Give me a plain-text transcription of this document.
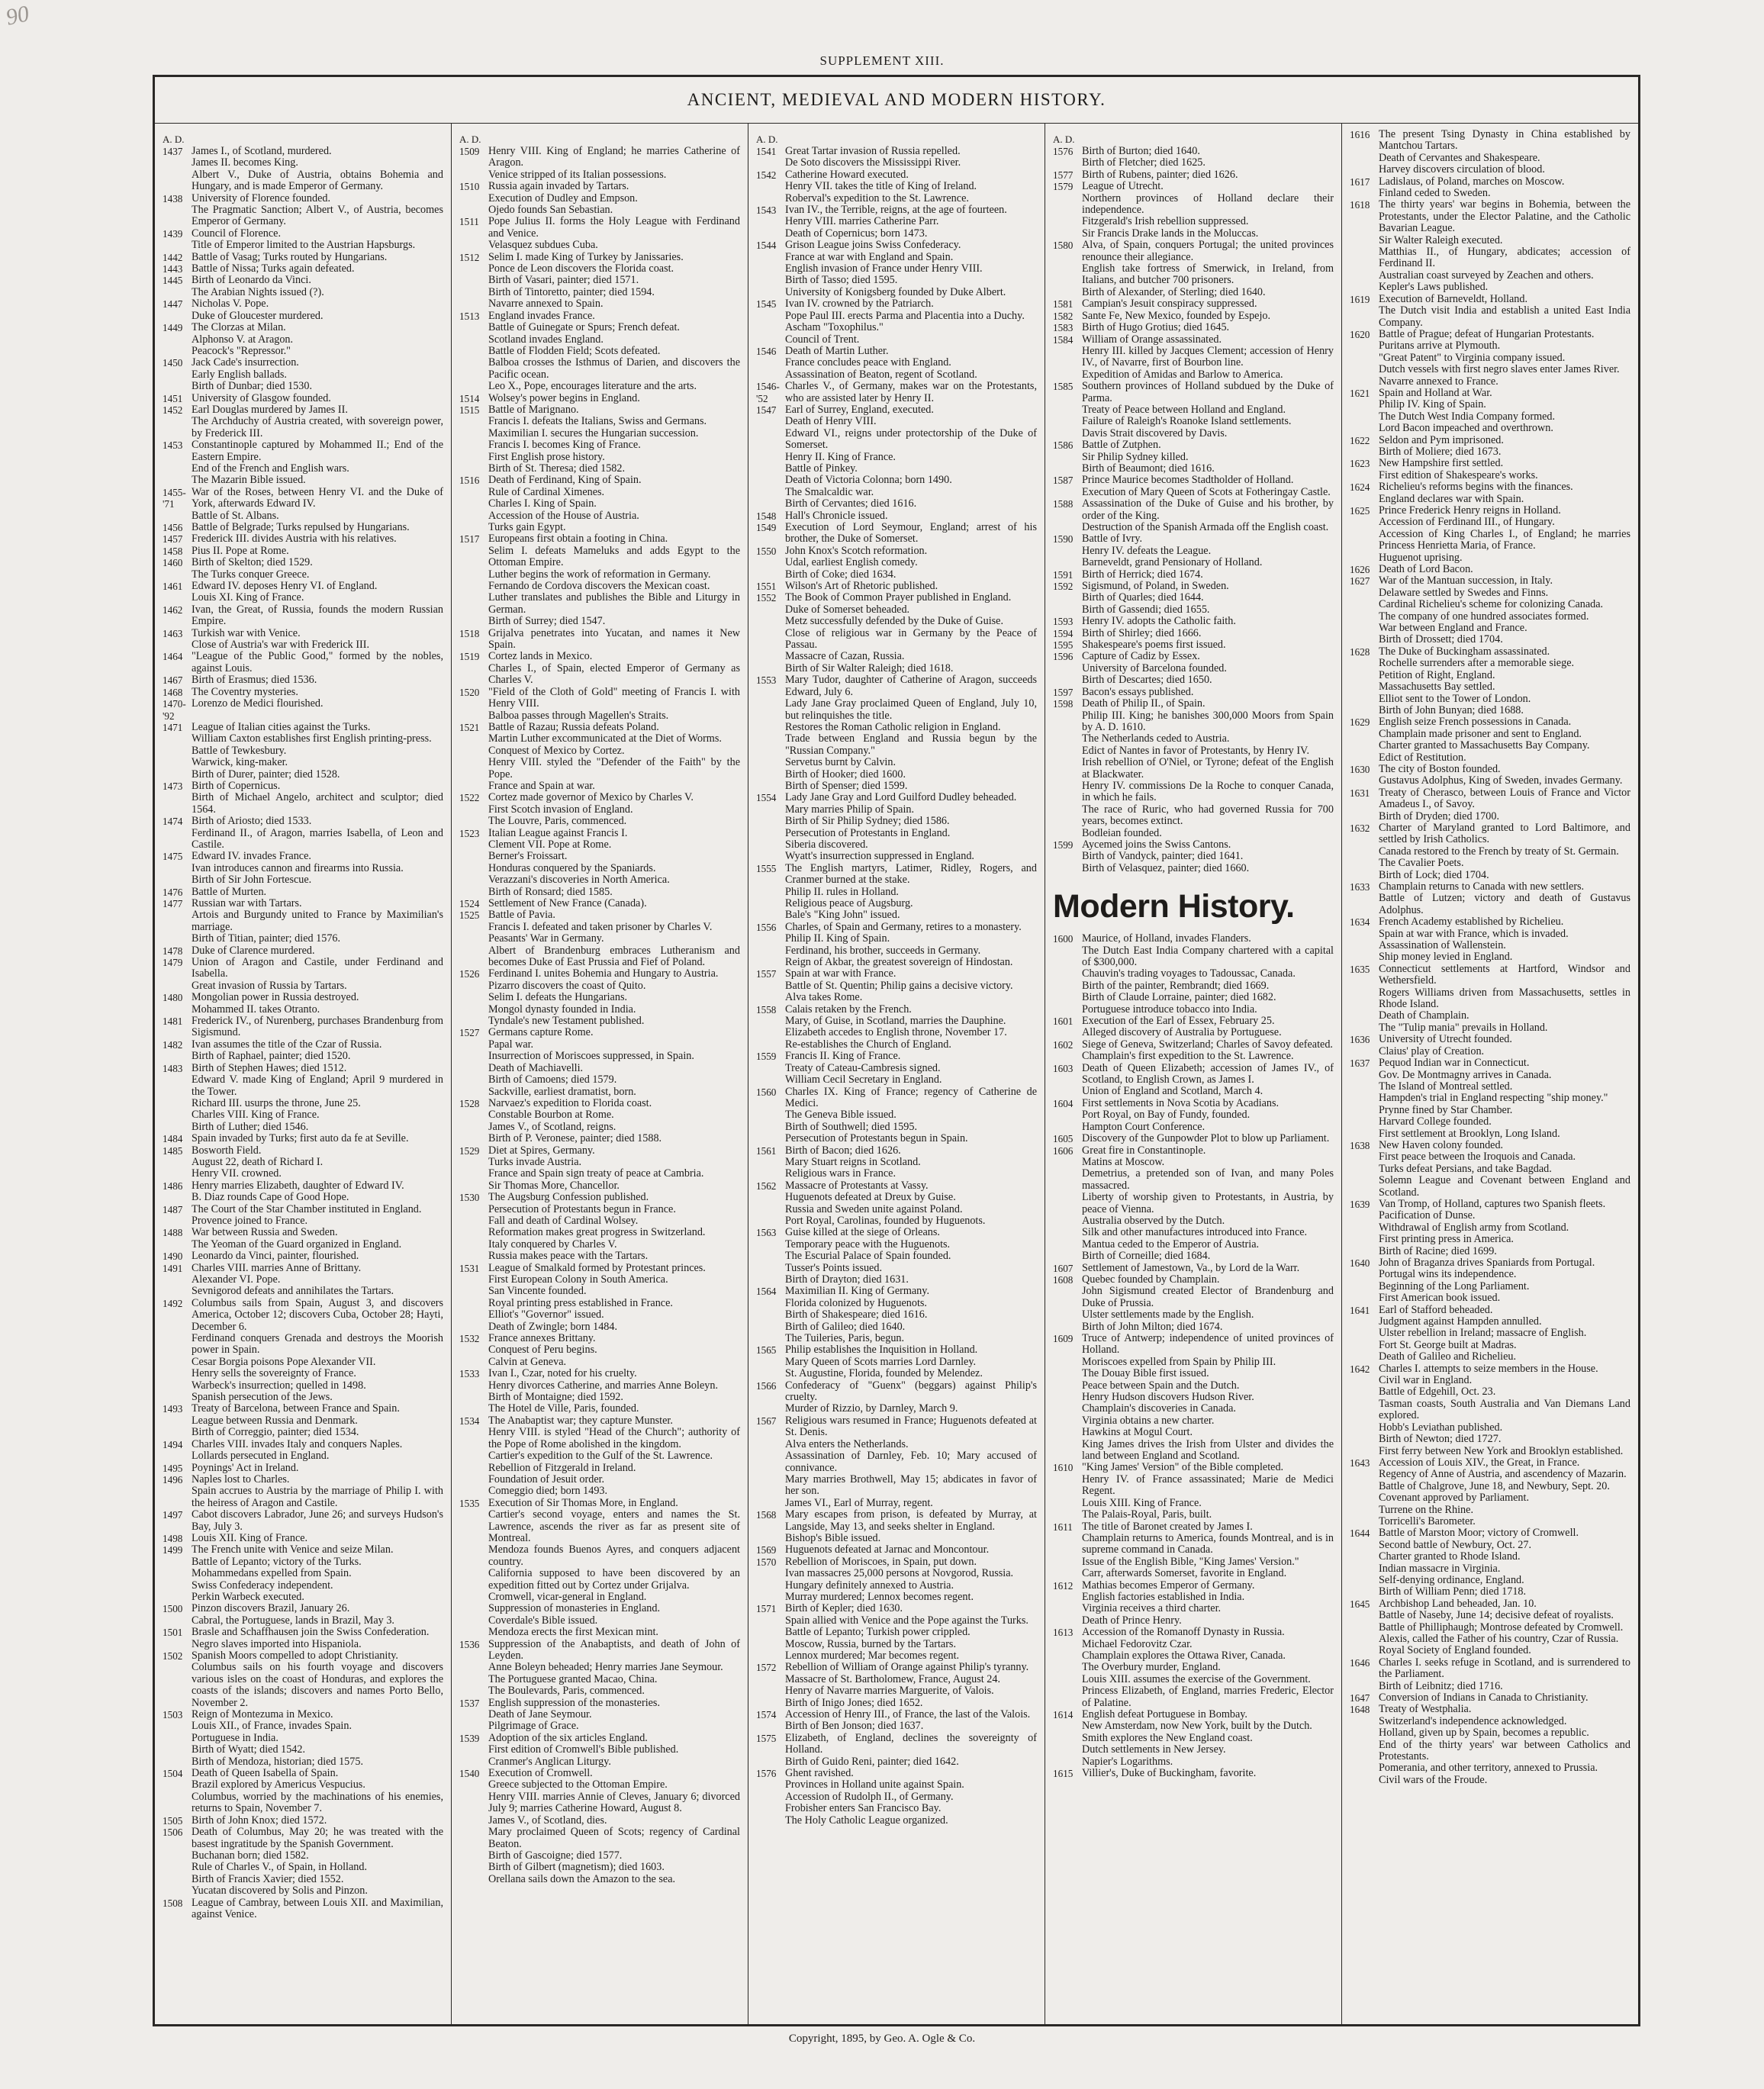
90
SUPPLEMENT XIII.
ANCIENT, MEDIEVAL AND MODERN HISTORY.
A. D.
1437 James I., of Scotland, murdered.
James II. becomes King.
Albert V., Duke of Austria, obtains Bohemia and Hungary, and is made Emperor of Germany.
1438 University of Florence founded.
The Pragmatic Sanction; Albert V., of Austria, becomes Emperor of Germany.
1439 Council of Florence.
Title of Emperor limited to the Austrian Hapsburgs.
1442 Battle of Vasag; Turks routed by Hungarians.
1443 Battle of Nissa; Turks again defeated.
1445 Birth of Leonardo da Vinci.
The Arabian Nights issued (?).
1447 Nicholas V. Pope.
Duke of Gloucester murdered.
1449 The Clorzas at Milan.
Alphonso V. at Aragon.
Peacock's "Repressor."
1450 Jack Cade's insurrection.
Early English ballads.
Birth of Dunbar; died 1530.
1451 University of Glasgow founded.
1452 Earl Douglas murdered by James II.
The Archduchy of Austria created, with sovereign power, by Frederick III.
1453 Constantinople captured by Mohammed II.; End of the Eastern Empire.
End of the French and English wars.
The Mazarin Bible issued.
1455-'71
War of the Roses, between Henry VI. and the Duke of York, afterwards Edward IV.
Battle of St. Albans.
1456 Battle of Belgrade; Turks repulsed by Hungarians.
1457 Frederick III. divides Austria with his relatives.
1458 Pius II. Pope at Rome.
1460 Birth of Skelton; died 1529.
The Turks conquer Greece.
1461 Edward IV. deposes Henry VI. of England.
Louis XI. King of France.
1462 Ivan, the Great, of Russia, founds the modern Russian Empire.
1463 Turkish war with Venice.
Close of Austria's war with Frederick III.
1464 "League of the Public Good," formed by the nobles, against Louis.
1467 Birth of Erasmus; died 1536.
1468 The Coventry mysteries.
1470-'92
Lorenzo de Medici flourished.
1471 League of Italian cities against the Turks.
William Caxton establishes first English printing-press.
Battle of Tewkesbury.
Warwick, king-maker.
Birth of Durer, painter; died 1528.
1473 Birth of Copernicus.
Birth of Michael Angelo, architect and sculptor; died 1564.
1474 Birth of Ariosto; died 1533.
Ferdinand II., of Aragon, marries Isabella, of Leon and Castile.
1475 Edward IV. invades France.
Ivan introduces cannon and firearms into Russia.
Birth of Sir John Fortescue.
1476 Battle of Murten.
1477 Russian war with Tartars.
Artois and Burgundy united to France by Maximilian's marriage.
Birth of Titian, painter; died 1576.
1478 Duke of Clarence murdered.
1479 Union of Aragon and Castile, under Ferdinand and Isabella.
Great invasion of Russia by Tartars.
1480 Mongolian power in Russia destroyed.
Mohammed II. takes Otranto.
1481 Frederick IV., of Nurenberg, purchases Brandenburg from Sigismund.
1482 Ivan assumes the title of the Czar of Russia.
Birth of Raphael, painter; died 1520.
1483 Birth of Stephen Hawes; died 1512.
Edward V. made King of England; April 9 murdered in the Tower.
Richard III. usurps the throne, June 25.
Charles VIII. King of France.
Birth of Luther; died 1546.
1484 Spain invaded by Turks; first auto da fe at Seville.
1485 Bosworth Field.
August 22, death of Richard I.
Henry VII. crowned.
1486 Henry marries Elizabeth, daughter of Edward IV.
B. Diaz rounds Cape of Good Hope.
1487 The Court of the Star Chamber instituted in England.
Provence joined to France.
1488 War between Russia and Sweden.
The Yeoman of the Guard organized in England.
1490 Leonardo da Vinci, painter, flourished.
1491 Charles VIII. marries Anne of Brittany.
Alexander VI. Pope.
Sevnigorod defeats and annihilates the Tartars.
1492 Columbus sails from Spain, August 3, and discovers America, October 12; discovers Cuba, October 28; Hayti, December 6.
Ferdinand conquers Grenada and destroys the Moorish power in Spain.
Cesar Borgia poisons Pope Alexander VII.
Henry sells the sovereignty of France.
Warbeck's insurrection; quelled in 1498.
Spanish persecution of the Jews.
1493 Treaty of Barcelona, between France and Spain.
League between Russia and Denmark.
Birth of Correggio, painter; died 1534.
1494 Charles VIII. invades Italy and conquers Naples.
Lollards persecuted in England.
1495 Poynings' Act in Ireland.
1496 Naples lost to Charles.
Spain accrues to Austria by the marriage of Philip I. with the heiress of Aragon and Castile.
1497 Cabot discovers Labrador, June 26; and surveys Hudson's Bay, July 3.
1498 Louis XII. King of France.
1499 The French unite with Venice and seize Milan.
Battle of Lepanto; victory of the Turks.
Mohammedans expelled from Spain.
Swiss Confederacy independent.
Perkin Warbeck executed.
1500 Pinzon discovers Brazil, January 26.
Cabral, the Portuguese, lands in Brazil, May 3.
1501 Brasle and Schaffhausen join the Swiss Confederation.
Negro slaves imported into Hispaniola.
1502 Spanish Moors compelled to adopt Christianity.
Columbus sails on his fourth voyage and discovers various isles on the coast of Honduras, and explores the coasts of the islands; discovers and names Porto Bello, November 2.
1503 Reign of Montezuma in Mexico.
Louis XII., of France, invades Spain.
Portuguese in India.
Birth of Wyatt; died 1542.
Birth of Mendoza, historian; died 1575.
1504 Death of Queen Isabella of Spain.
Brazil explored by Americus Vespucius.
Columbus, worried by the machinations of his enemies, returns to Spain, November 7.
1505 Birth of John Knox; died 1572.
1506 Death of Columbus, May 20; he was treated with the basest ingratitude by the Spanish Government.
Buchanan born; died 1582.
Rule of Charles V., of Spain, in Holland.
Birth of Francis Xavier; died 1552.
Yucatan discovered by Solis and Pinzon.
1508 League of Cambray, between Louis XII. and Maximilian, against Venice.
A. D.
1509 Henry VIII. King of England; he marries Catherine of Aragon.
Venice stripped of its Italian possessions.
1510 Russia again invaded by Tartars.
Execution of Dudley and Empson.
Ojedo founds San Sebastian.
1511 Pope Julius II. forms the Holy League with Ferdinand and Venice.
Velasquez subdues Cuba.
1512 Selim I. made King of Turkey by Janissaries.
Ponce de Leon discovers the Florida coast.
Birth of Vasari, painter; died 1571.
Birth of Tintoretto, painter; died 1594.
Navarre annexed to Spain.
1513 England invades France.
Battle of Guinegate or Spurs; French defeat.
Scotland invades England.
Battle of Flodden Field; Scots defeated.
Balboa crosses the Isthmus of Darien, and discovers the Pacific ocean.
Leo X., Pope, encourages literature and the arts.
1514 Wolsey's power begins in England.
1515 Battle of Marignano.
Francis I. defeats the Italians, Swiss and Germans.
Maximilian I. secures the Hungarian succession.
Francis I. becomes King of France.
First English prose history.
Birth of St. Theresa; died 1582.
1516 Death of Ferdinand, King of Spain.
Rule of Cardinal Ximenes.
Charles I. King of Spain.
Accession of the House of Austria.
Turks gain Egypt.
1517 Europeans first obtain a footing in China.
Selim I. defeats Mameluks and adds Egypt to the Ottoman Empire.
Luther begins the work of reformation in Germany.
Fernando de Cordova discovers the Mexican coast.
Luther translates and publishes the Bible and Liturgy in German.
Birth of Surrey; died 1547.
1518 Grijalva penetrates into Yucatan, and names it New Spain.
1519 Cortez lands in Mexico.
Charles I., of Spain, elected Emperor of Germany as Charles V.
1520 "Field of the Cloth of Gold" meeting of Francis I. with Henry VIII.
Balboa passes through Magellen's Straits.
1521 Battle of Razau; Russia defeats Poland.
Martin Luther excommunicated at the Diet of Worms.
Conquest of Mexico by Cortez.
Henry VIII. styled the "Defender of the Faith" by the Pope.
France and Spain at war.
1522 Cortez made governor of Mexico by Charles V.
First Scotch invasion of England.
The Louvre, Paris, commenced.
1523 Italian League against Francis I.
Clement VII. Pope at Rome.
Berner's Froissart.
Honduras conquered by the Spaniards.
Verazzani's discoveries in North America.
Birth of Ronsard; died 1585.
1524 Settlement of New France (Canada).
1525 Battle of Pavia.
Francis I. defeated and taken prisoner by Charles V.
Peasants' War in Germany.
Albert of Brandenburg embraces Lutheranism and becomes Duke of East Prussia and Fief of Poland.
1526 Ferdinand I. unites Bohemia and Hungary to Austria.
Pizarro discovers the coast of Quito.
Selim I. defeats the Hungarians.
Mongol dynasty founded in India.
Tyndale's new Testament published.
1527 Germans capture Rome.
Papal war.
Insurrection of Moriscoes suppressed, in Spain.
Death of Machiavelli.
Birth of Camoens; died 1579.
Sackville, earliest dramatist, born.
1528 Narvaez's expedition to Florida coast.
Constable Bourbon at Rome.
James V., of Scotland, reigns.
Birth of P. Veronese, painter; died 1588.
1529 Diet at Spires, Germany.
Turks invade Austria.
France and Spain sign treaty of peace at Cambria.
Sir Thomas More, Chancellor.
1530 The Augsburg Confession published.
Persecution of Protestants begun in France.
Fall and death of Cardinal Wolsey.
Reformation makes great progress in Switzerland.
Italy conquered by Charles V.
Russia makes peace with the Tartars.
1531 League of Smalkald formed by Protestant princes.
First European Colony in South America.
San Vincente founded.
Royal printing press established in France.
Elliot's "Governor" issued.
Death of Zwingle; born 1484.
1532 France annexes Brittany.
Conquest of Peru begins.
Calvin at Geneva.
1533 Ivan I., Czar, noted for his cruelty.
Henry divorces Catherine, and marries Anne Boleyn.
Birth of Montaigne; died 1592.
The Hotel de Ville, Paris, founded.
1534 The Anabaptist war; they capture Munster.
Henry VIII. is styled "Head of the Church"; authority of the Pope of Rome abolished in the kingdom.
Cartier's expedition to the Gulf of the St. Lawrence.
Rebellion of Fitzgerald in Ireland.
Foundation of Jesuit order.
Comeggio died; born 1493.
1535 Execution of Sir Thomas More, in England.
Cartier's second voyage, enters and names the St. Lawrence, ascends the river as far as present site of Montreal.
Mendoza founds Buenos Ayres, and conquers adjacent country.
California supposed to have been discovered by an expedition fitted out by Cortez under Grijalva.
Cromwell, vicar-general in England.
Suppression of monasteries in England.
Coverdale's Bible issued.
Mendoza erects the first Mexican mint.
1536 Suppression of the Anabaptists, and death of John of Leyden.
Anne Boleyn beheaded; Henry marries Jane Seymour.
The Portuguese granted Macao, China.
The Boulevards, Paris, commenced.
1537 English suppression of the monasteries.
Death of Jane Seymour.
Pilgrimage of Grace.
1539 Adoption of the six articles England.
First edition of Cromwell's Bible published.
Cranmer's Anglican Liturgy.
1540 Execution of Cromwell.
Greece subjected to the Ottoman Empire.
Henry VIII. marries Annie of Cleves, January 6; divorced July 9; marries Catherine Howard, August 8.
James V., of Scotland, dies.
Mary proclaimed Queen of Scots; regency of Cardinal Beaton.
Birth of Gascoigne; died 1577.
Birth of Gilbert (magnetism); died 1603.
Orellana sails down the Amazon to the sea.
A. D.
1541 Great Tartar invasion of Russia repelled.
De Soto discovers the Mississippi River.
1542 Catherine Howard executed.
Henry VII. takes the title of King of Ireland.
Roberval's expedition to the St. Lawrence.
1543 Ivan IV., the Terrible, reigns, at the age of fourteen.
Henry VIII. marries Catherine Parr.
Death of Copernicus; born 1473.
1544 Grison League joins Swiss Confederacy.
France at war with England and Spain.
English invasion of France under Henry VIII.
Birth of Tasso; died 1595.
University of Konigsberg founded by Duke Albert.
1545 Ivan IV. crowned by the Patriarch.
Pope Paul III. erects Parma and Placentia into a Duchy.
Ascham "Toxophilus."
Council of Trent.
1546 Death of Martin Luther.
France concludes peace with England.
Assassination of Beaton, regent of Scotland.
1546-'52
Charles V., of Germany, makes war on the Protestants, who are assisted later by Henry II.
1547 Earl of Surrey, England, executed.
Death of Henry VIII.
Edward VI., reigns under protectorship of the Duke of Somerset.
Henry II. King of France.
Battle of Pinkey.
Death of Victoria Colonna; born 1490.
The Smalcaldic war.
Birth of Cervantes; died 1616.
1548 Hall's Chronicle issued.
1549 Execution of Lord Seymour, England; arrest of his brother, the Duke of Somerset.
1550 John Knox's Scotch reformation.
Udal, earliest English comedy.
Birth of Coke; died 1634.
1551 Wilson's Art of Rhetoric published.
1552 The Book of Common Prayer published in England.
Duke of Somerset beheaded.
Metz successfully defended by the Duke of Guise.
Close of religious war in Germany by the Peace of Passau.
Massacre of Cazan, Russia.
Birth of Sir Walter Raleigh; died 1618.
1553 Mary Tudor, daughter of Catherine of Aragon, succeeds Edward, July 6.
Lady Jane Gray proclaimed Queen of England, July 10, but relinquishes the title.
Restores the Roman Catholic religion in England.
Trade between England and Russia begun by the "Russian Company."
Servetus burnt by Calvin.
Birth of Hooker; died 1600.
Birth of Spenser; died 1599.
1554 Lady Jane Gray and Lord Guilford Dudley beheaded.
Mary marries Philip of Spain.
Birth of Sir Philip Sydney; died 1586.
Persecution of Protestants in England.
Siberia discovered.
Wyatt's insurrection suppressed in England.
1555 The English martyrs, Latimer, Ridley, Rogers, and Cranmer burned at the stake.
Philip II. rules in Holland.
Religious peace of Augsburg.
Bale's "King John" issued.
1556 Charles, of Spain and Germany, retires to a monastery.
Philip II. King of Spain.
Ferdinand, his brother, succeeds in Germany.
Reign of Akbar, the greatest sovereign of Hindostan.
1557 Spain at war with France.
Battle of St. Quentin; Philip gains a decisive victory.
Alva takes Rome.
1558 Calais retaken by the French.
Mary, of Guise, in Scotland, marries the Dauphine.
Elizabeth accedes to English throne, November 17.
Re-establishes the Church of England.
1559 Francis II. King of France.
Treaty of Cateau-Cambresis signed.
William Cecil Secretary in England.
1560 Charles IX. King of France; regency of Catherine de Medici.
The Geneva Bible issued.
Birth of Southwell; died 1595.
Persecution of Protestants begun in Spain.
1561 Birth of Bacon; died 1626.
Mary Stuart reigns in Scotland.
Religious wars in France.
1562 Massacre of Protestants at Vassy.
Huguenots defeated at Dreux by Guise.
Russia and Sweden unite against Poland.
Port Royal, Carolinas, founded by Huguenots.
1563 Guise killed at the siege of Orleans.
Temporary peace with the Huguenots.
The Escurial Palace of Spain founded.
Tusser's Points issued.
Birth of Drayton; died 1631.
1564 Maximilian II. King of Germany.
Florida colonized by Huguenots.
Birth of Shakespeare; died 1616.
Birth of Galileo; died 1640.
The Tuileries, Paris, begun.
1565 Philip establishes the Inquisition in Holland.
Mary Queen of Scots marries Lord Darnley.
St. Augustine, Florida, founded by Melendez.
1566 Confederacy of "Guenx" (beggars) against Philip's cruelty.
Murder of Rizzio, by Darnley, March 9.
1567 Religious wars resumed in France; Huguenots defeated at St. Denis.
Alva enters the Netherlands.
Assassination of Darnley, Feb. 10; Mary accused of connivance.
Mary marries Brothwell, May 15; abdicates in favor of her son.
James VI., Earl of Murray, regent.
1568 Mary escapes from prison, is defeated by Murray, at Langside, May 13, and seeks shelter in England.
Bishop's Bible issued.
1569 Huguenots defeated at Jarnac and Moncontour.
1570 Rebellion of Moriscoes, in Spain, put down.
Ivan massacres 25,000 persons at Novgorod, Russia.
Hungary definitely annexed to Austria.
Murray murdered; Lennox becomes regent.
1571 Birth of Kepler; died 1630.
Spain allied with Venice and the Pope against the Turks.
Battle of Lepanto; Turkish power crippled.
Moscow, Russia, burned by the Tartars.
Lennox murdered; Mar becomes regent.
1572 Rebellion of William of Orange against Philip's tyranny.
Massacre of St. Bartholomew, France, August 24.
Henry of Navarre marries Marguerite, of Valois.
Birth of Inigo Jones; died 1652.
1574 Accession of Henry III., of France, the last of the Valois.
Birth of Ben Jonson; died 1637.
1575 Elizabeth, of England, declines the sovereignty of Holland.
Birth of Guido Reni, painter; died 1642.
1576 Ghent ravished.
Provinces in Holland unite against Spain.
Accession of Rudolph II., of Germany.
Frobisher enters San Francisco Bay.
The Holy Catholic League organized.
A. D.
1576 Birth of Burton; died 1640.
Birth of Fletcher; died 1625.
1577 Birth of Rubens, painter; died 1626.
1579 League of Utrecht.
Northern provinces of Holland declare their independence.
Fitzgerald's Irish rebellion suppressed.
Sir Francis Drake lands in the Moluccas.
1580 Alva, of Spain, conquers Portugal; the united provinces renounce their allegiance.
English take fortress of Smerwick, in Ireland, from Italians, and butcher 700 prisoners.
Birth of Alexander, of Sterling; died 1640.
1581 Campian's Jesuit conspiracy suppressed.
1582 Sante Fe, New Mexico, founded by Espejo.
1583 Birth of Hugo Grotius; died 1645.
1584 William of Orange assassinated.
Henry III. killed by Jacques Clement; accession of Henry IV., of Navarre, first of Bourbon line.
Expedition of Amidas and Barlow to America.
1585 Southern provinces of Holland subdued by the Duke of Parma.
Treaty of Peace between Holland and England.
Failure of Raleigh's Roanoke Island settlements.
Davis Strait discovered by Davis.
1586 Battle of Zutphen.
Sir Philip Sydney killed.
Birth of Beaumont; died 1616.
1587 Prince Maurice becomes Stadtholder of Holland.
Execution of Mary Queen of Scots at Fotheringay Castle.
1588 Assassination of the Duke of Guise and his brother, by order of the King.
Destruction of the Spanish Armada off the English coast.
1590 Battle of Ivry.
Henry IV. defeats the League.
Barneveldt, grand Pensionary of Holland.
1591 Birth of Herrick; died 1674.
1592 Sigismund, of Poland, in Sweden.
Birth of Quarles; died 1644.
Birth of Gassendi; died 1655.
1593 Henry IV. adopts the Catholic faith.
1594 Birth of Shirley; died 1666.
1595 Shakespeare's poems first issued.
1596 Capture of Cadiz by Essex.
University of Barcelona founded.
Birth of Descartes; died 1650.
1597 Bacon's essays published.
1598 Death of Philip II., of Spain.
Philip III. King; he banishes 300,000 Moors from Spain by A. D. 1610.
The Netherlands ceded to Austria.
Edict of Nantes in favor of Protestants, by Henry IV.
Irish rebellion of O'Niel, or Tyrone; defeat of the English at Blackwater.
Henry IV. commissions De la Roche to conquer Canada, in which he fails.
The race of Ruric, who had governed Russia for 700 years, becomes extinct.
Bodleian founded.
1599 Aycemed joins the Swiss Cantons.
Birth of Vandyck, painter; died 1641.
Birth of Velasquez, painter; died 1660.
Modern History.
1600 Maurice, of Holland, invades Flanders.
The Dutch East India Company chartered with a capital of $300,000.
Chauvin's trading voyages to Tadoussac, Canada.
Birth of the painter, Rembrandt; died 1669.
Birth of Claude Lorraine, painter; died 1682.
Portuguese introduce tobacco into India.
1601 Execution of the Earl of Essex, February 25.
Alleged discovery of Australia by Portuguese.
1602 Siege of Geneva, Switzerland; Charles of Savoy defeated.
Champlain's first expedition to the St. Lawrence.
1603 Death of Queen Elizabeth; accession of James IV., of Scotland, to English Crown, as James I.
Union of England and Scotland, March 4.
1604 First settlements in Nova Scotia by Acadians.
Port Royal, on Bay of Fundy, founded.
Hampton Court Conference.
1605 Discovery of the Gunpowder Plot to blow up Parliament.
1606 Great fire in Constantinople.
Matins at Moscow.
Demetrius, a pretended son of Ivan, and many Poles massacred.
Liberty of worship given to Protestants, in Austria, by peace of Vienna.
Australia observed by the Dutch.
Silk and other manufactures introduced into France.
Mantua ceded to the Emperor of Austria.
Birth of Corneille; died 1684.
1607 Settlement of Jamestown, Va., by Lord de la Warr.
1608 Quebec founded by Champlain.
John Sigismund created Elector of Brandenburg and Duke of Prussia.
Ulster settlements made by the English.
Birth of John Milton; died 1674.
1609 Truce of Antwerp; independence of united provinces of Holland.
Moriscoes expelled from Spain by Philip III.
The Douay Bible first issued.
Peace between Spain and the Dutch.
Henry Hudson discovers Hudson River.
Champlain's discoveries in Canada.
Virginia obtains a new charter.
Hawkins at Mogul Court.
King James drives the Irish from Ulster and divides the land between England and Scotland.
1610 "King James' Version" of the Bible completed.
Henry IV. of France assassinated; Marie de Medici Regent.
Louis XIII. King of France.
The Palais-Royal, Paris, built.
1611 The title of Baronet created by James I.
Champlain returns to America, founds Montreal, and is in supreme command in Canada.
Issue of the English Bible, "King James' Version."
Carr, afterwards Somerset, favorite in England.
1612 Mathias becomes Emperor of Germany.
English factories established in India.
Virginia receives a third charter.
Death of Prince Henry.
1613 Accession of the Romanoff Dynasty in Russia.
Michael Fedorovitz Czar.
Champlain explores the Ottawa River, Canada.
The Overbury murder, England.
Louis XIII. assumes the exercise of the Government.
Princess Elizabeth, of England, marries Frederic, Elector of Palatine.
1614 English defeat Portuguese in Bombay.
New Amsterdam, now New York, built by the Dutch.
Smith explores the New England coast.
Dutch settlements in New Jersey.
Napier's Logarithms.
1615 Villier's, Duke of Buckingham, favorite.
1616 The present Tsing Dynasty in China established by Mantchou Tartars.
Death of Cervantes and Shakespeare.
Harvey discovers circulation of blood.
1617 Ladislaus, of Poland, marches on Moscow.
Finland ceded to Sweden.
1618 The thirty years' war begins in Bohemia, between the Protestants, under the Elector Palatine, and the Catholic Bavarian League.
Sir Walter Raleigh executed.
Matthias II., of Hungary, abdicates; accession of Ferdinand II.
Australian coast surveyed by Zeachen and others.
Kepler's Laws published.
1619 Execution of Barneveldt, Holland.
The Dutch visit India and establish a united East India Company.
1620 Battle of Prague; defeat of Hungarian Protestants.
Puritans arrive at Plymouth.
"Great Patent" to Virginia company issued.
Dutch vessels with first negro slaves enter James River.
Navarre annexed to France.
1621 Spain and Holland at War.
Philip IV. King of Spain.
The Dutch West India Company formed.
Lord Bacon impeached and overthrown.
1622 Seldon and Pym imprisoned.
Birth of Moliere; died 1673.
1623 New Hampshire first settled.
First edition of Shakespeare's works.
1624 Richelieu's reforms begins with the finances.
England declares war with Spain.
1625 Prince Frederick Henry reigns in Holland.
Accession of Ferdinand III., of Hungary.
Accession of King Charles I., of England; he marries Princess Henrietta Maria, of France.
Huguenot uprising.
1626 Death of Lord Bacon.
1627 War of the Mantuan succession, in Italy.
Delaware settled by Swedes and Finns.
Cardinal Richelieu's scheme for colonizing Canada.
The company of one hundred associates formed.
War between England and France.
Birth of Drossett; died 1704.
1628 The Duke of Buckingham assassinated.
Rochelle surrenders after a memorable siege.
Petition of Right, England.
Massachusetts Bay settled.
Elliot sent to the Tower of London.
Birth of John Bunyan; died 1688.
1629 English seize French possessions in Canada.
Champlain made prisoner and sent to England.
Charter granted to Massachusetts Bay Company.
Edict of Restitution.
1630 The city of Boston founded.
Gustavus Adolphus, King of Sweden, invades Germany.
1631 Treaty of Cherasco, between Louis of France and Victor Amadeus I., of Savoy.
Birth of Dryden; died 1700.
1632 Charter of Maryland granted to Lord Baltimore, and settled by Irish Catholics.
Canada restored to the French by treaty of St. Germain.
The Cavalier Poets.
Birth of Lock; died 1704.
1633 Champlain returns to Canada with new settlers.
Battle of Lutzen; victory and death of Gustavus Adolphus.
1634 French Academy established by Richelieu.
Spain at war with France, which is invaded.
Assassination of Wallenstein.
Ship money levied in England.
1635 Connecticut settlements at Hartford, Windsor and Wethersfield.
Rogers Williams driven from Massachusetts, settles in Rhode Island.
Death of Champlain.
The "Tulip mania" prevails in Holland.
1636 University of Utrecht founded.
Claius' play of Creation.
1637 Pequod Indian war in Connecticut.
Gov. De Montmagny arrives in Canada.
The Island of Montreal settled.
Hampden's trial in England respecting "ship money."
Prynne fined by Star Chamber.
Harvard College founded.
First settlement at Brooklyn, Long Island.
1638 New Haven colony founded.
First peace between the Iroquois and Canada.
Turks defeat Persians, and take Bagdad.
Solemn League and Covenant between England and Scotland.
1639 Van Tromp, of Holland, captures two Spanish fleets.
Pacification of Dunse.
Withdrawal of English army from Scotland.
First printing press in America.
Birth of Racine; died 1699.
1640 John of Braganza drives Spaniards from Portugal.
Portugal wins its independence.
Beginning of the Long Parliament.
First American book issued.
1641 Earl of Stafford beheaded.
Judgment against Hampden annulled.
Ulster rebellion in Ireland; massacre of English.
Fort St. George built at Madras.
Death of Galileo and Richelieu.
1642 Charles I. attempts to seize members in the House.
Civil war in England.
Battle of Edgehill, Oct. 23.
Tasman coasts, South Australia and Van Diemans Land explored.
Hobb's Leviathan published.
Birth of Newton; died 1727.
First ferry between New York and Brooklyn established.
1643 Accession of Louis XIV., the Great, in France.
Regency of Anne of Austria, and ascendency of Mazarin.
Battle of Chalgrove, June 18, and Newbury, Sept. 20.
Covenant approved by Parliament.
Turrene on the Rhine.
Torricelli's Barometer.
1644 Battle of Marston Moor; victory of Cromwell.
Second battle of Newbury, Oct. 27.
Charter granted to Rhode Island.
Indian massacre in Virginia.
Self-denying ordinance, England.
Birth of William Penn; died 1718.
1645 Archbishop Land beheaded, Jan. 10.
Battle of Naseby, June 14; decisive defeat of royalists.
Battle of Philliphaugh; Montrose defeated by Cromwell.
Alexis, called the Father of his country, Czar of Russia.
Royal Society of England founded.
1646 Charles I. seeks refuge in Scotland, and is surrendered to the Parliament.
Birth of Leibnitz; died 1716.
1647 Conversion of Indians in Canada to Christianity.
1648 Treaty of Westphalia.
Switzerland's independence acknowledged.
Holland, given up by Spain, becomes a republic.
End of the thirty years' war between Catholics and Protestants.
Pomerania, and other territory, annexed to Prussia.
Civil wars of the Froude.
Copyright, 1895, by Geo. A. Ogle & Co.
